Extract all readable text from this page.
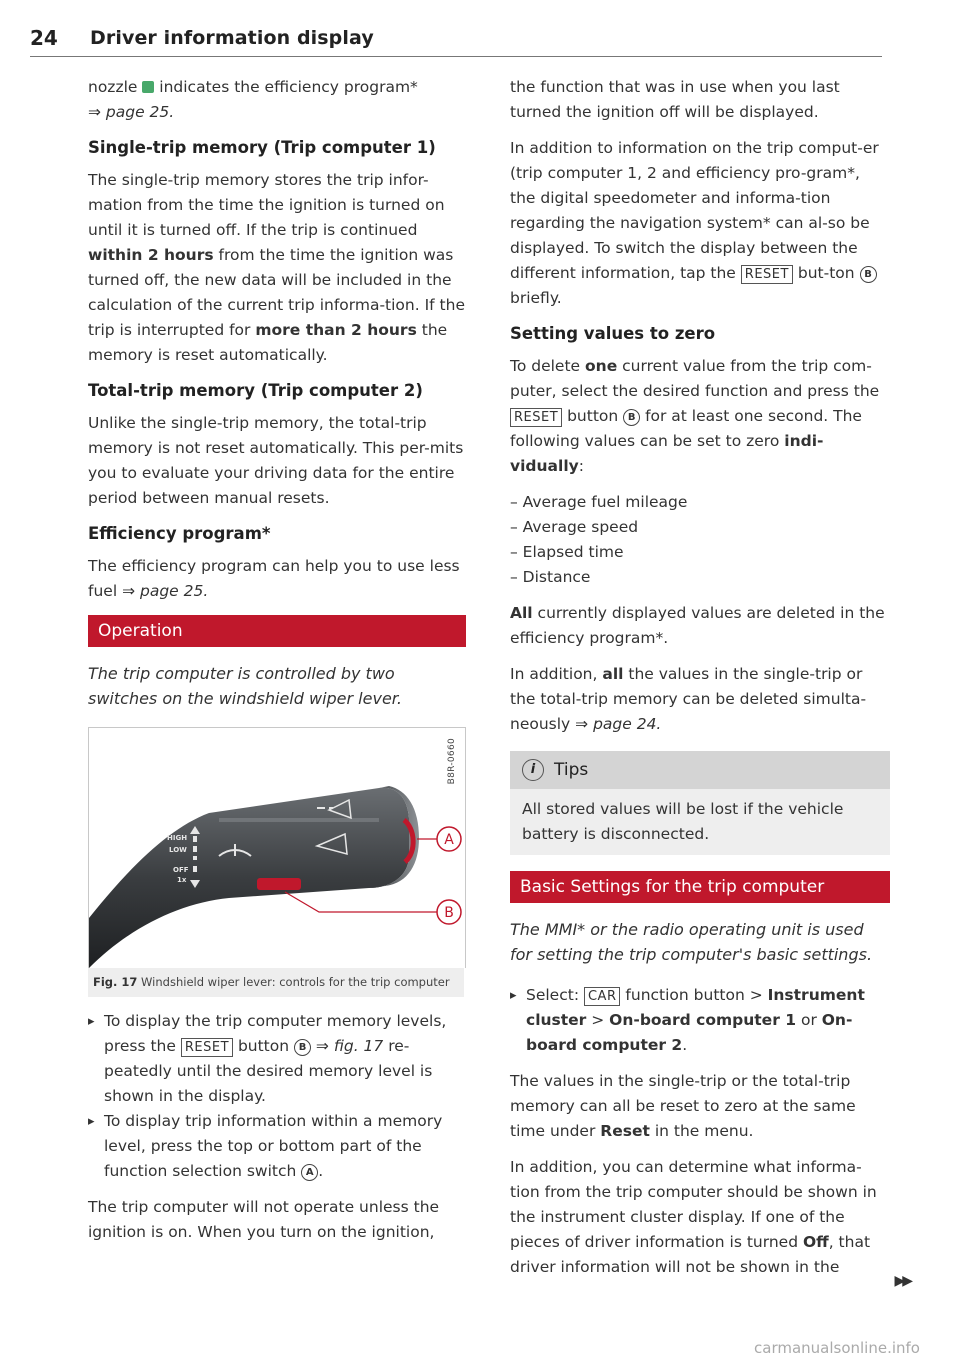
24 Driver information display

nozzle  indicates the efficiency program*
⇒ page 25.

Single-trip memory (Trip computer 1)

The single-trip memory stores the trip infor-mation from the time the ignition is turned on until it is turned off. If the trip is continued within 2 hours from the time the ignition was turned off, the new data will be included in the calculation of the current trip informa-tion. If the trip is interrupted for more than 2 hours the memory is reset automatically.

Total-trip memory (Trip computer 2)

Unlike the single-trip memory, the total-trip memory is not reset automatically. This per-mits you to evaluate your driving data for the entire period between manual resets.

Efficiency program*

The efficiency program can help you to use less fuel ⇒ page 25.

Operation

The trip computer is controlled by two switches on the windshield wiper lever.

HIGH
LOW
OFF
1x
A
B
B8R-0660
Fig. 17 Windshield wiper lever: controls for the trip computer
▸ To display the trip computer memory levels, press the RESET button B ⇒ fig. 17 re-peatedly until the desired memory level is shown in the display.
▸ To display trip information within a memory level, press the top or bottom part of the function selection switch A .

The trip computer will not operate unless the ignition is on. When you turn on the ignition,

the function that was in use when you last turned the ignition off will be displayed.

In addition to information on the trip comput-er (trip computer 1, 2 and efficiency pro-gram*, the digital speedometer and informa-tion regarding the navigation system* can al-so be displayed. To switch the display between the different information, tap the RESET but-ton B briefly.

Setting values to zero

To delete one current value from the trip com-puter, select the desired function and press the RESET button B for at least one second. The following values can be set to zero indi-vidually:

– Average fuel mileage
– Average speed
– Elapsed time
– Distance

All currently displayed values are deleted in the efficiency program*.

In addition, all the values in the single-trip or the total-trip memory can be deleted simulta-neously ⇒ page 24.

i Tips
All stored values will be lost if the vehicle battery is disconnected.
Basic Settings for the trip computer

The MMI* or the radio operating unit is used for setting the trip computer's basic settings.

▸ Select: CAR function button > Instrument cluster > On-board computer 1 or On-board computer 2.

The values in the single-trip or the total-trip memory can all be reset to zero at the same time under Reset in the menu.

In addition, you can determine what informa-tion from the trip computer should be shown in the instrument cluster display. If one of the pieces of driver information is turned Off, that driver information will not be shown in the

▶▶
carmanualsonline.info
